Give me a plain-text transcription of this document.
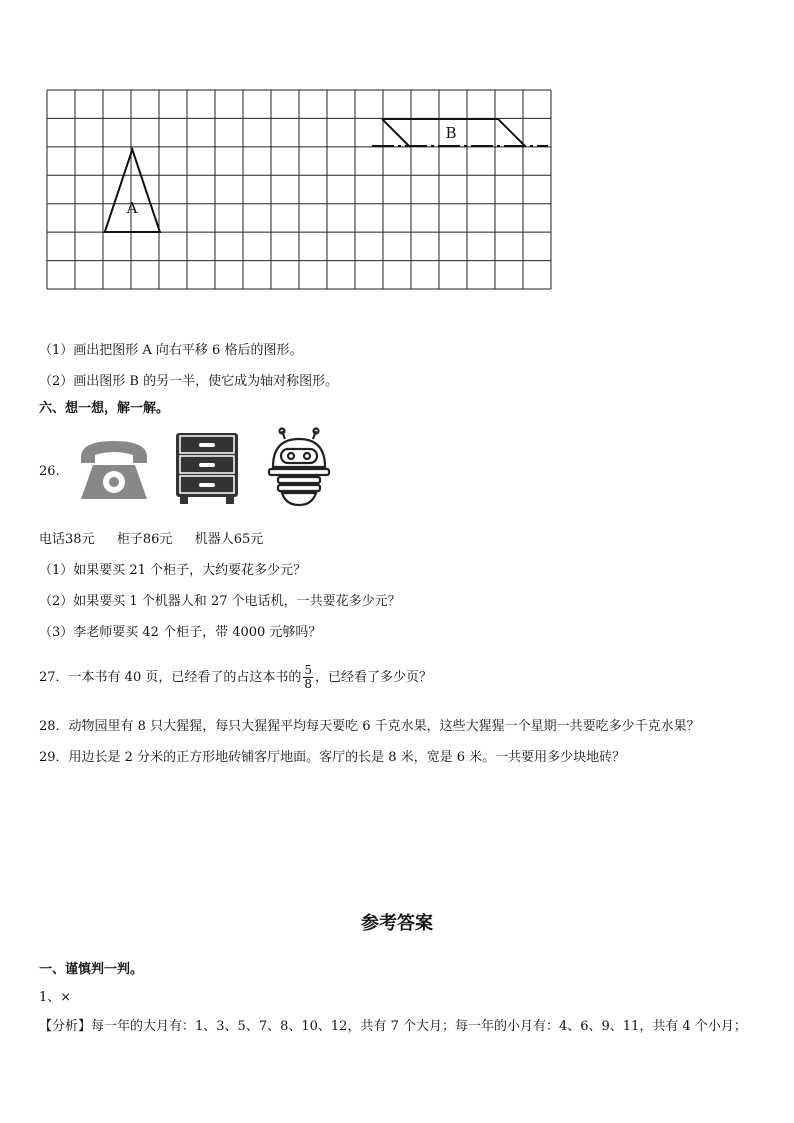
A
B
（1）画出把图形 A 向右平移 6 格后的图形。
（2）画出图形 B 的另一半，使它成为轴对称图形。
六、想一想，解一解。
26.
电话38元 柜子86元 机器人65元
（1）如果要买 21 个柜子，大约要花多少元？
（2）如果要买 1 个机器人和 27 个电话机，一共要花多少元？
（3）李老师要买 42 个柜子，带 4000 元够吗？
27．一本书有 40 页，已经看了的占这本书的 $\frac{5}{8}$ ，已经看了多少页？
28．动物园里有 8 只大猩猩，每只大猩猩平均每天要吃 6 千克水果，这些大猩猩一个星期一共要吃多少千克水果？
29．用边长是 2 分米的正方形地砖铺客厅地面。客厅的长是 8 米，宽是 6 米。一共要用多少块地砖？
参考答案
一、谨慎判一判。
1、×
【分析】每一年的大月有：1、3、5、7、8、10、12，共有 7 个大月；每一年的小月有：4、6、9、11，共有 4 个小月；
